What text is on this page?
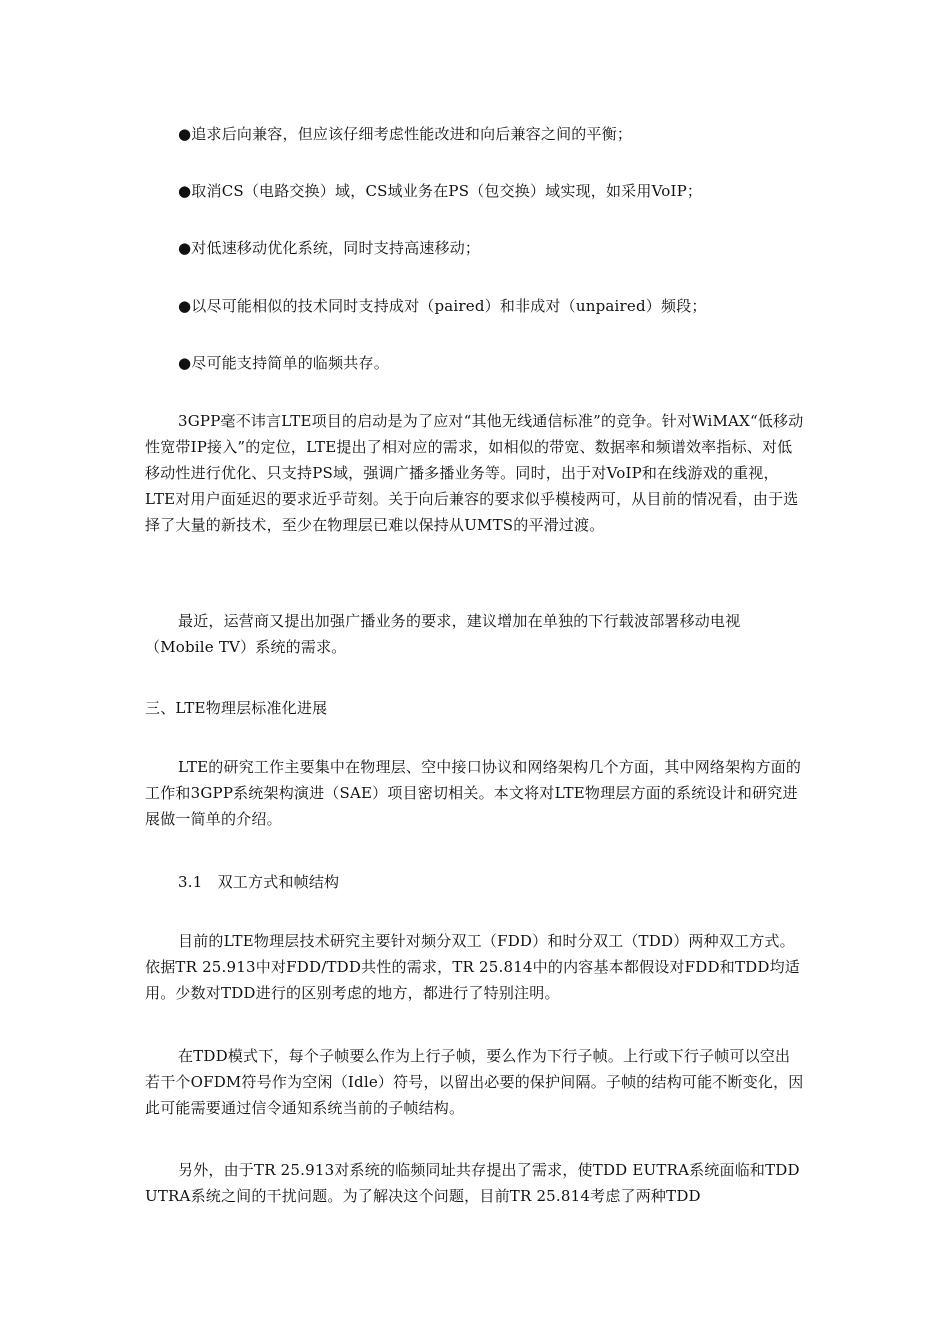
●追求后向兼容，但应该仔细考虑性能改进和向后兼容之间的平衡；

●取消CS（电路交换）域，CS域业务在PS（包交换）域实现，如采用VoIP；

●对低速移动优化系统，同时支持高速移动；

●以尽可能相似的技术同时支持成对（paired）和非成对（unpaired）频段；

●尽可能支持简单的临频共存。

3GPP毫不讳言LTE项目的启动是为了应对“其他无线通信标准”的竞争。针对WiMAX“低移动性宽带IP接入”的定位，LTE提出了相对应的需求，如相似的带宽、数据率和频谱效率指标、对低移动性进行优化、只支持PS域，强调广播多播业务等。同时，出于对VoIP和在线游戏的重视，LTE对用户面延迟的要求近乎苛刻。关于向后兼容的要求似乎模棱两可，从目前的情况看，由于选择了大量的新技术，至少在物理层已难以保持从UMTS的平滑过渡。

最近，运营商又提出加强广播业务的要求，建议增加在单独的下行载波部署移动电视（Mobile TV）系统的需求。

三、LTE物理层标准化进展

LTE的研究工作主要集中在物理层、空中接口协议和网络架构几个方面，其中网络架构方面的工作和3GPP系统架构演进（SAE）项目密切相关。本文将对LTE物理层方面的系统设计和研究进展做一简单的介绍。

3.1　双工方式和帧结构

目前的LTE物理层技术研究主要针对频分双工（FDD）和时分双工（TDD）两种双工方式。依据TR 25.913中对FDD/TDD共性的需求，TR 25.814中的内容基本都假设对FDD和TDD均适用。少数对TDD进行的区别考虑的地方，都进行了特别注明。

在TDD模式下，每个子帧要么作为上行子帧，要么作为下行子帧。上行或下行子帧可以空出若干个OFDM符号作为空闲（Idle）符号，以留出必要的保护间隔。子帧的结构可能不断变化，因此可能需要通过信令通知系统当前的子帧结构。

另外，由于TR 25.913对系统的临频同址共存提出了需求，使TDD EUTRA系统面临和TDD UTRA系统之间的干扰问题。为了解决这个问题，目前TR 25.814考虑了两种TDD
